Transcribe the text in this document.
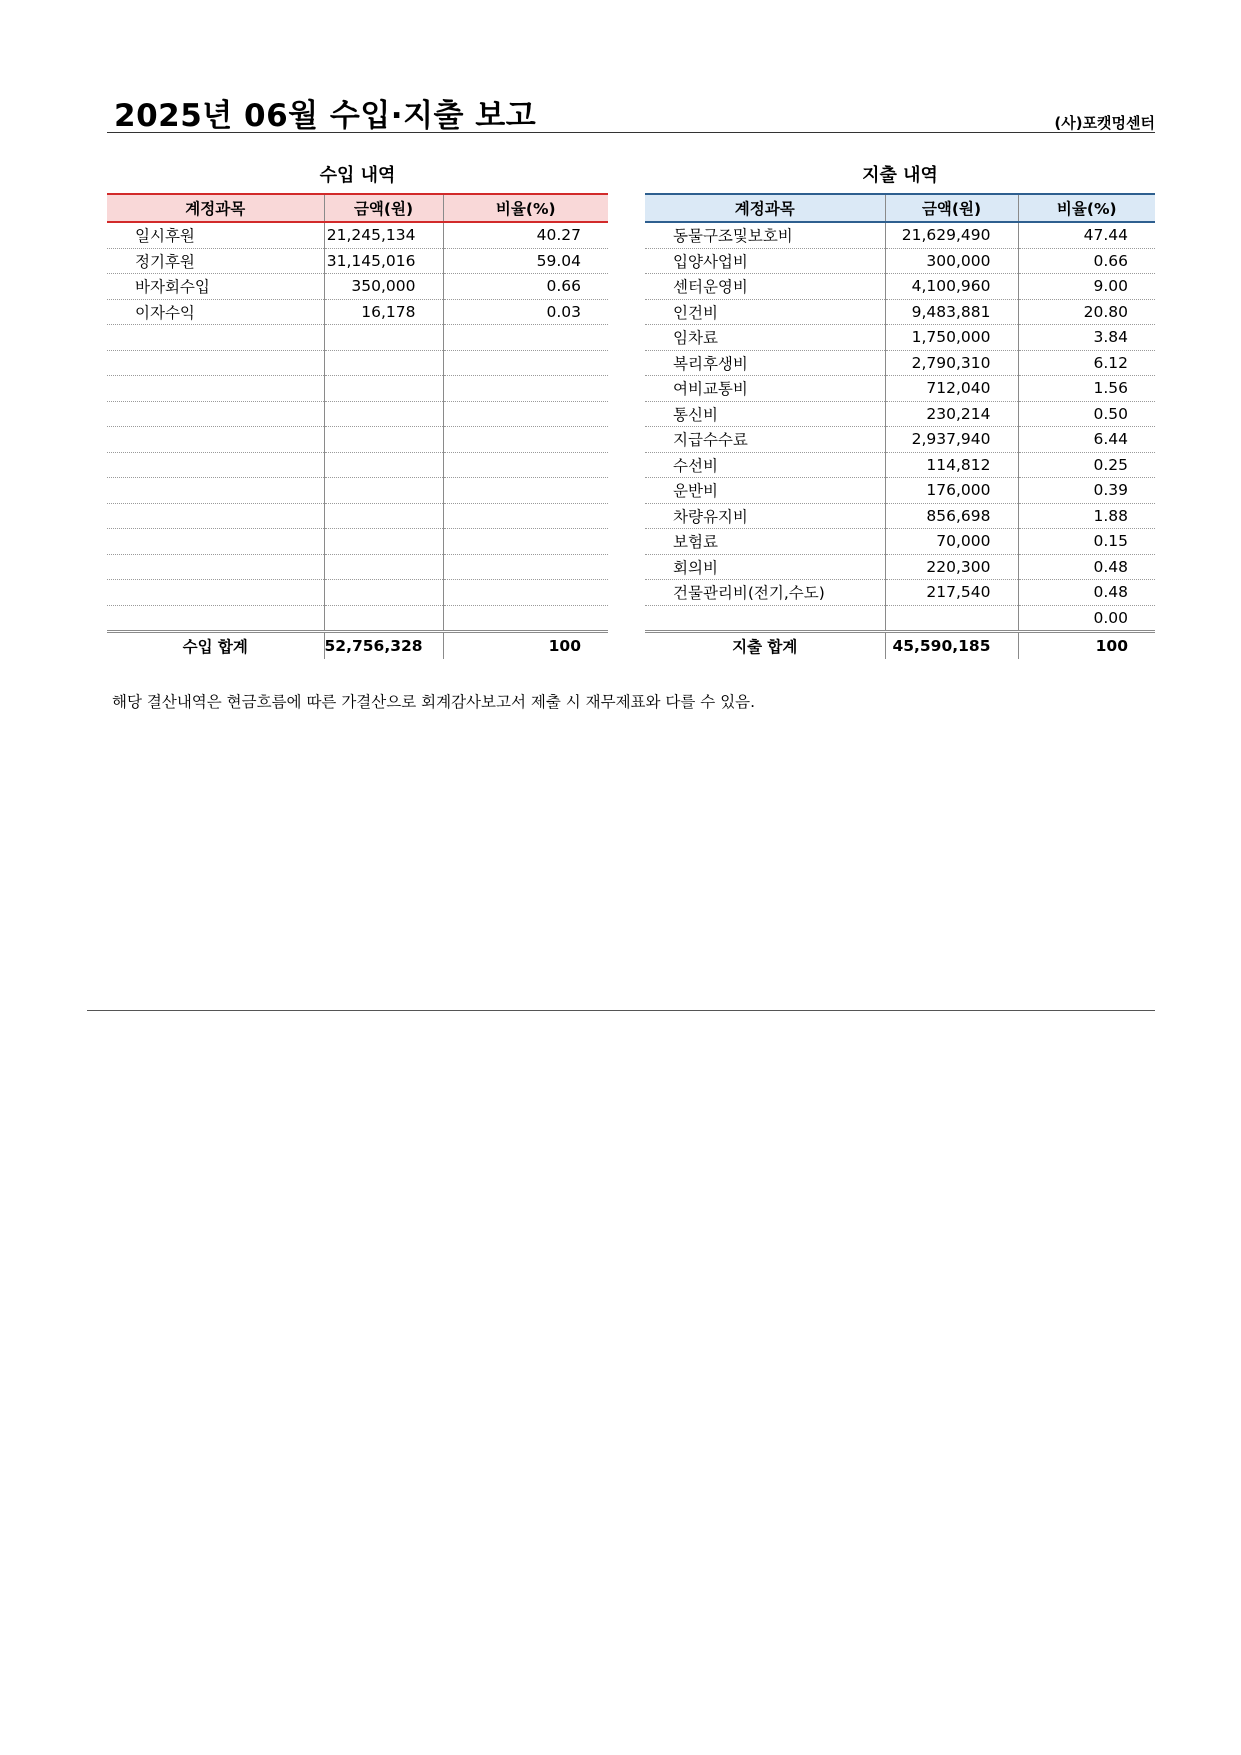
2025년 06월 수입·지출 보고	(사)포캣멍센터
수입 내역
계정과목	금액(원)	비율(%)
일시후원	21,245,134	40.27
정기후원	31,145,016	59.04
바자회수입	350,000	0.66
이자수익	16,178	0.03

수입 합계	52,756,328	100
지출 내역
계정과목	금액(원)	비율(%)
동물구조및보호비	21,629,490	47.44
입양사업비	300,000	0.66
센터운영비	4,100,960	9.00
인건비	9,483,881	20.80
임차료	1,750,000	3.84
복리후생비	2,790,310	6.12
여비교통비	712,040	1.56
통신비	230,214	0.50
지급수수료	2,937,940	6.44
수선비	114,812	0.25
운반비	176,000	0.39
차량유지비	856,698	1.88
보험료	70,000	0.15
회의비	220,300	0.48
건물관리비(전기,수도)	217,540	0.48
		0.00
지출 합계	45,590,185	100
해당 결산내역은 현금흐름에 따른 가결산으로 회계감사보고서 제출 시 재무제표와 다를 수 있음.
